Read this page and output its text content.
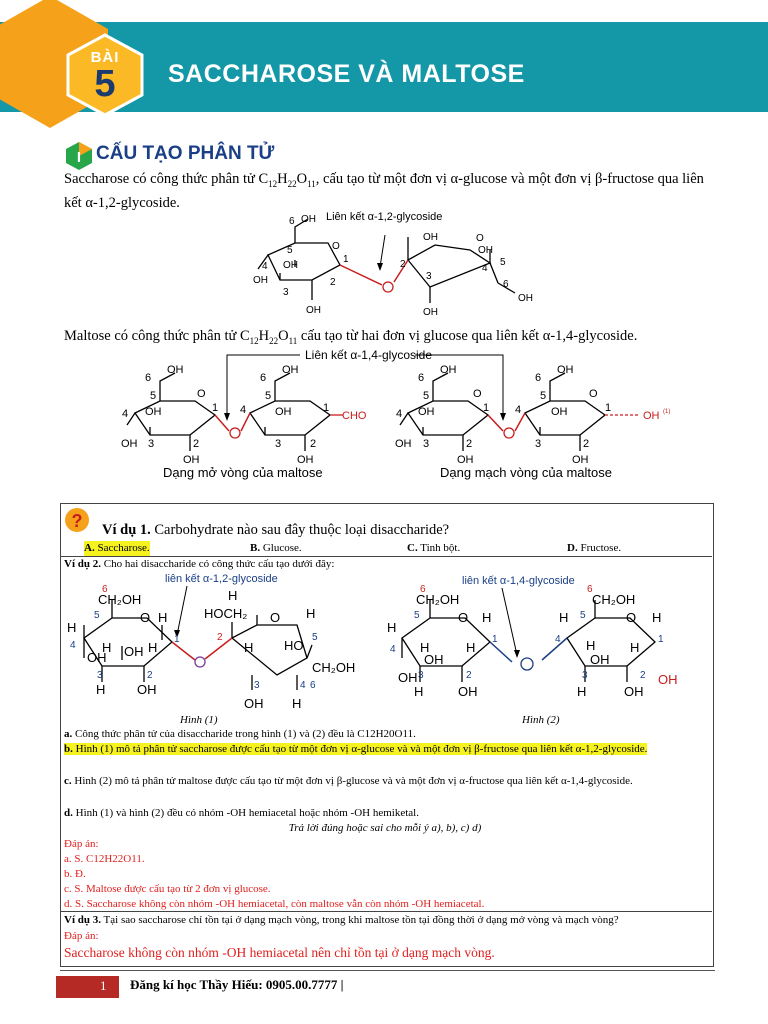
BÀI
5	SACCHAROSE VÀ MALTOSE
I CẤU TẠO PHÂN TỬ

Saccharose có công thức phân tử $C_{12}H_{22}O_{11}$, cấu tạo từ một đơn vị α-glucose và một đơn vị β-fructose qua liên kết α-1,2-glycoside.

Liên kết α-1,2-glycoside
6 OH
5	O
4
OH
OH
3
2
1
OH
OH
2
3
OH
OH
4
5
O
OH
6

Maltose có công thức phân tử $C_{12}H_{22}O_{11}$ cấu tạo từ hai đơn vị glucose qua liên kết α-1,4-glycoside.

Liên kết α-1,4-glycoside
6
OH
5	O
4
OH
OH
3	2
1
OH
6
OH
5
4	OH
3	2
1
OH
CHO
6
OH
5	O
4
OH
OH
3	2
1
OH
6
OH
5	O
4	OH
3	2
1
OH
OH (1)
Dạng mở vòng của maltose	Dạng mạch vòng của maltose
? Ví dụ 1. Carbohydrate nào sau đây thuộc loại disaccharide?
A. Saccharose.	B. Glucose.	C. Tinh bột.	D. Fructose.
Ví dụ 2. Cho hai disaccharide có công thức cấu tạo dưới đây:
liên kết α-1,2-glycoside	liên kết α-1,4-glycoside
6
CH₂OH
5
H
O
4 H
OH
3
OH H
2
1
H
H OH
H
HOCH₂
2
O H
5
H HO
CH₂OH
6
3	4
OH H
6
CH₂OH
5
H
O
4 H
OH
OH 3
H
2
1
H
H	OH
6
CH₂OH
5
H	O
4 H
OH
H
3	2
1
H
OH
H	OH
Hình (1)	Hình (2)
a. Công thức phân tử của disaccharide trong hình (1) và (2) đều là C12H20O11.
b. Hình (1) mô tả phân tử saccharose được cấu tạo từ một đơn vị α-glucose và và một đơn vị β-fructose qua liên kết α-1,2-glycoside.
c. Hình (2) mô tả phân tử maltose được cấu tạo từ một đơn vị β-glucose và và một đơn vị α-fructose qua liên kết α-1,4-glycoside.
d. Hình (1) và hình (2) đều có nhóm -OH hemiacetal hoặc nhóm -OH hemiketal.
Trả lời đúng hoặc sai cho mỗi ý a), b), c) d)
Đáp án:
a. S. C12H22O11.
b. Đ.
c. S. Maltose được cấu tạo từ 2 đơn vị glucose.
d. S. Saccharose không còn nhóm -OH hemiacetal, còn maltose vẫn còn nhóm -OH hemiacetal.
Ví dụ 3. Tại sao saccharose chỉ tồn tại ở dạng mạch vòng, trong khi maltose tồn tại đồng thời ở dạng mở vòng và mạch vòng?
Đáp án:
Saccharose không còn nhóm -OH hemiacetal nên chỉ tồn tại ở dạng mạch vòng.
1	Đăng kí học Thầy Hiếu: 0905.00.7777 |
